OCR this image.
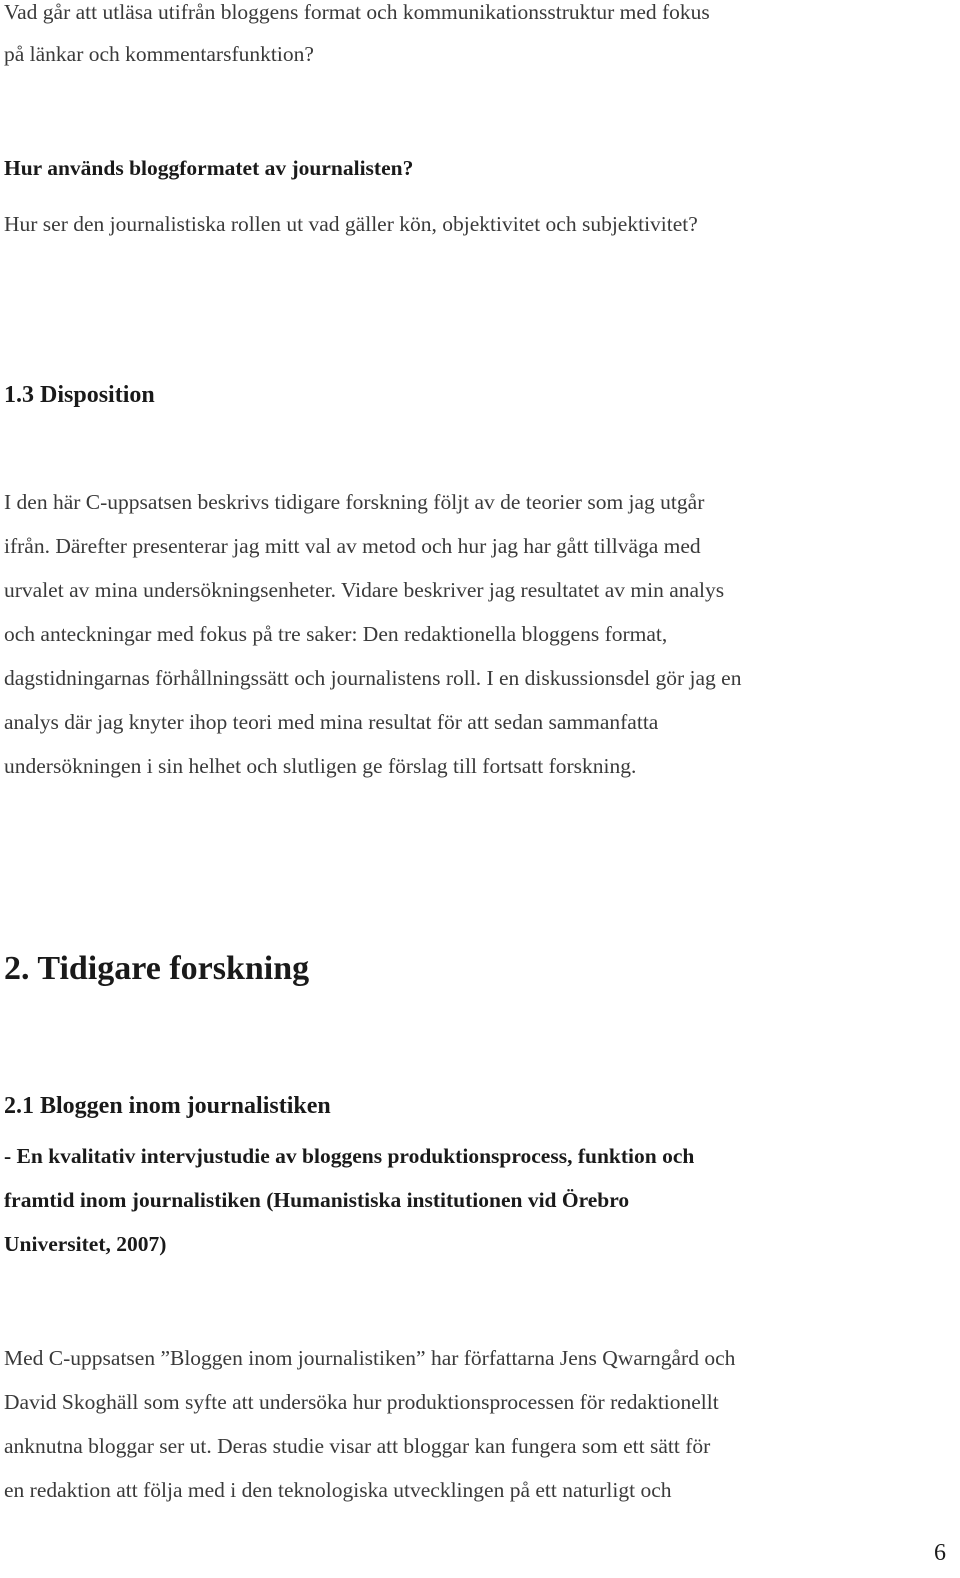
Vad går att utläsa utifrån bloggens format och kommunikationsstruktur med fokus
på länkar och kommentarsfunktion?
Hur används bloggformatet av journalisten?
Hur ser den journalistiska rollen ut vad gäller kön, objektivitet och subjektivitet?
1.3 Disposition
I den här C-uppsatsen beskrivs tidigare forskning följt av de teorier som jag utgår
ifrån. Därefter presenterar jag mitt val av metod och hur jag har gått tillväga med
urvalet av mina undersökningsenheter. Vidare beskriver jag resultatet av min analys
och anteckningar med fokus på tre saker: Den redaktionella bloggens format,
dagstidningarnas förhållningssätt och journalistens roll. I en diskussionsdel gör jag en
analys där jag knyter ihop teori med mina resultat för att sedan sammanfatta
undersökningen i sin helhet och slutligen ge förslag till fortsatt forskning.
2. Tidigare forskning
2.1 Bloggen inom journalistiken
- En kvalitativ intervjustudie av bloggens produktionsprocess, funktion och
framtid inom journalistiken (Humanistiska institutionen vid Örebro
Universitet, 2007)
Med C-uppsatsen ”Bloggen inom journalistiken” har författarna Jens Qwarngård och
David Skoghäll som syfte att undersöka hur produktionsprocessen för redaktionellt
anknutna bloggar ser ut. Deras studie visar att bloggar kan fungera som ett sätt för
en redaktion att följa med i den teknologiska utvecklingen på ett naturligt och
6
